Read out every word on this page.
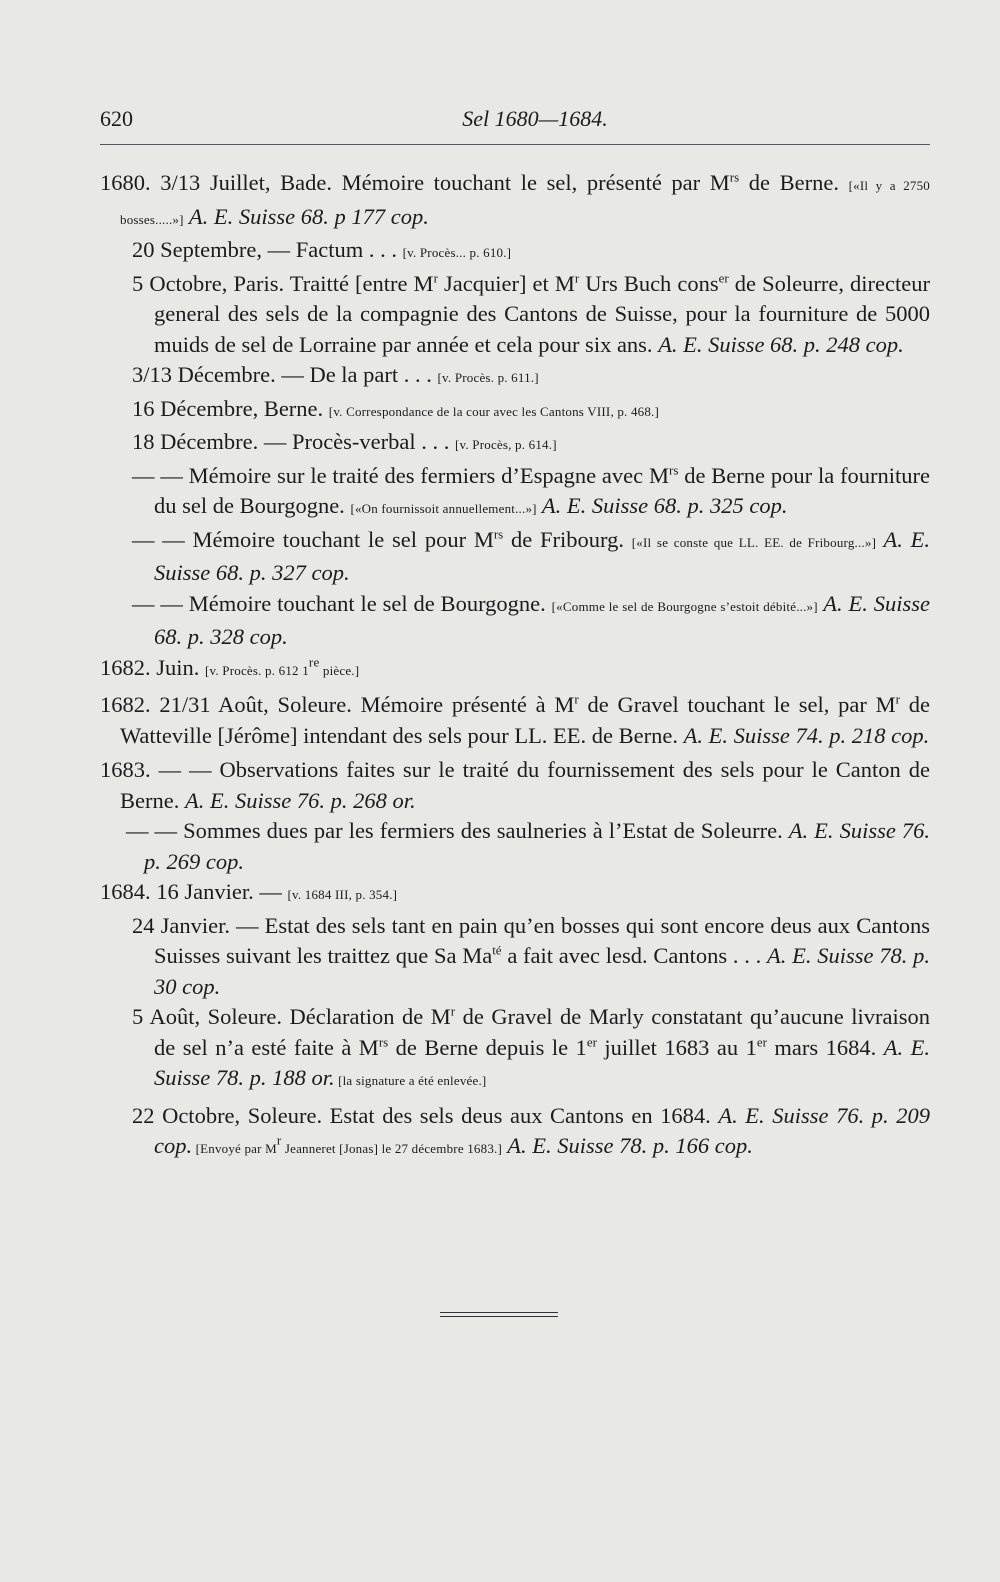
620	Sel 1680—1684.

1680. 3/13 Juillet, Bade. Mémoire touchant le sel, présenté par $M^{rs}$ de Berne. [«Il y a 2750 bosses.....»] A. E. Suisse 68. p 177 cop.

20 Septembre, — Factum . . . [v. Procès... p. 610.]

5 Octobre, Paris. Traitté [entre $M^r$ Jacquier] et $M^r$ Urs Buch cons$^{er}$ de Soleurre, directeur general des sels de la compagnie des Cantons de Suisse, pour la fourniture de 5000 muids de sel de Lorraine par année et cela pour six ans. A. E. Suisse 68. p. 248 cop.

3/13 Décembre. — De la part . . . [v. Procès. p. 611.]

16 Décembre, Berne. [v. Correspondance de la cour avec les Cantons VIII, p. 468.]

18 Décembre. — Procès-verbal . . . [v. Procès, p. 614.]

— — Mémoire sur le traité des fermiers d’Espagne avec $M^{rs}$ de Berne pour la fourniture du sel de Bourgogne. [«On fournissoit annuellement...»] A. E. Suisse 68. p. 325 cop.

— — Mémoire touchant le sel pour $M^{rs}$ de Fribourg. [«Il se conste que LL. EE. de Fribourg...»] A. E. Suisse 68. p. 327 cop.

— — Mémoire touchant le sel de Bourgogne. [«Comme le sel de Bourgogne s’estoit débité...»] A. E. Suisse 68. p. 328 cop.

1682. Juin. [v. Procès. p. 612 1re pièce.]

1682. 21/31 Août, Soleure. Mémoire présenté à $M^r$ de Gravel touchant le sel, par $M^r$ de Watteville [Jérôme] intendant des sels pour LL. EE. de Berne. A. E. Suisse 74. p. 218 cop.

1683. — — Observations faites sur le traité du fournissement des sels pour le Canton de Berne. A. E. Suisse 76. p. 268 or.

— — Sommes dues par les fermiers des saulneries à l’Estat de Soleurre. A. E. Suisse 76. p. 269 cop.

1684. 16 Janvier. — [v. 1684 III, p. 354.]

24 Janvier. — Estat des sels tant en pain qu’en bosses qui sont encore deus aux Cantons Suisses suivant les traittez que Sa $Ma^{té}$ a fait avec lesd. Cantons . . . A. E. Suisse 78. p. 30 cop.

5 Août, Soleure. Déclaration de $M^r$ de Gravel de Marly constatant qu’aucune livraison de sel n’a esté faite à $M^{rs}$ de Berne depuis le 1er juillet 1683 au 1er mars 1684. A. E. Suisse 78. p. 188 or. [la signature a été enlevée.]

22 Octobre, Soleure. Estat des sels deus aux Cantons en 1684. A. E. Suisse 76. p. 209 cop. [Envoyé par $M^r$ Jeanneret [Jonas] le 27 décembre 1683.] A. E. Suisse 78. p. 166 cop.
